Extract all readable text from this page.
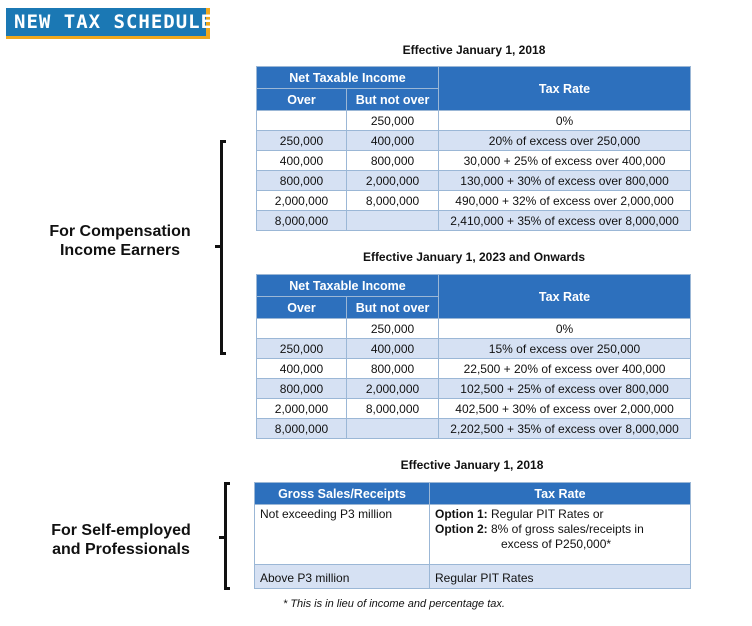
NEW TAX SCHEDULE
For Compensation
Income Earners
For Self-employed
and Professionals
Effective January 1, 2018
Net Taxable Income		Tax Rate
Over	But not over	
	250,000	0%
250,000	400,000	20% of excess over 250,000
400,000	800,000	30,000 + 25% of excess over 400,000
800,000	2,000,000	130,000 + 30% of excess over 800,000
2,000,000	8,000,000	490,000 + 32% of excess over 2,000,000
8,000,000		2,410,000 + 35% of excess over 8,000,000
Effective January 1, 2023 and Onwards
Net Taxable Income		Tax Rate
Over	But not over	
	250,000	0%
250,000	400,000	15% of excess over 250,000
400,000	800,000	22,500 + 20% of excess over 400,000
800,000	2,000,000	102,500 + 25% of excess over 800,000
2,000,000	8,000,000	402,500 + 30% of excess over 2,000,000
8,000,000		2,202,500 + 35% of excess over 8,000,000
Effective January 1, 2018
Gross Sales/Receipts	Tax Rate
Not exceeding P3 million	Option 1: Regular PIT Rates or
Option 2: 8% of gross sales/receipts in
excess of P250,000*

Above P3 million	Regular PIT Rates
* This is in lieu of income and percentage tax.
